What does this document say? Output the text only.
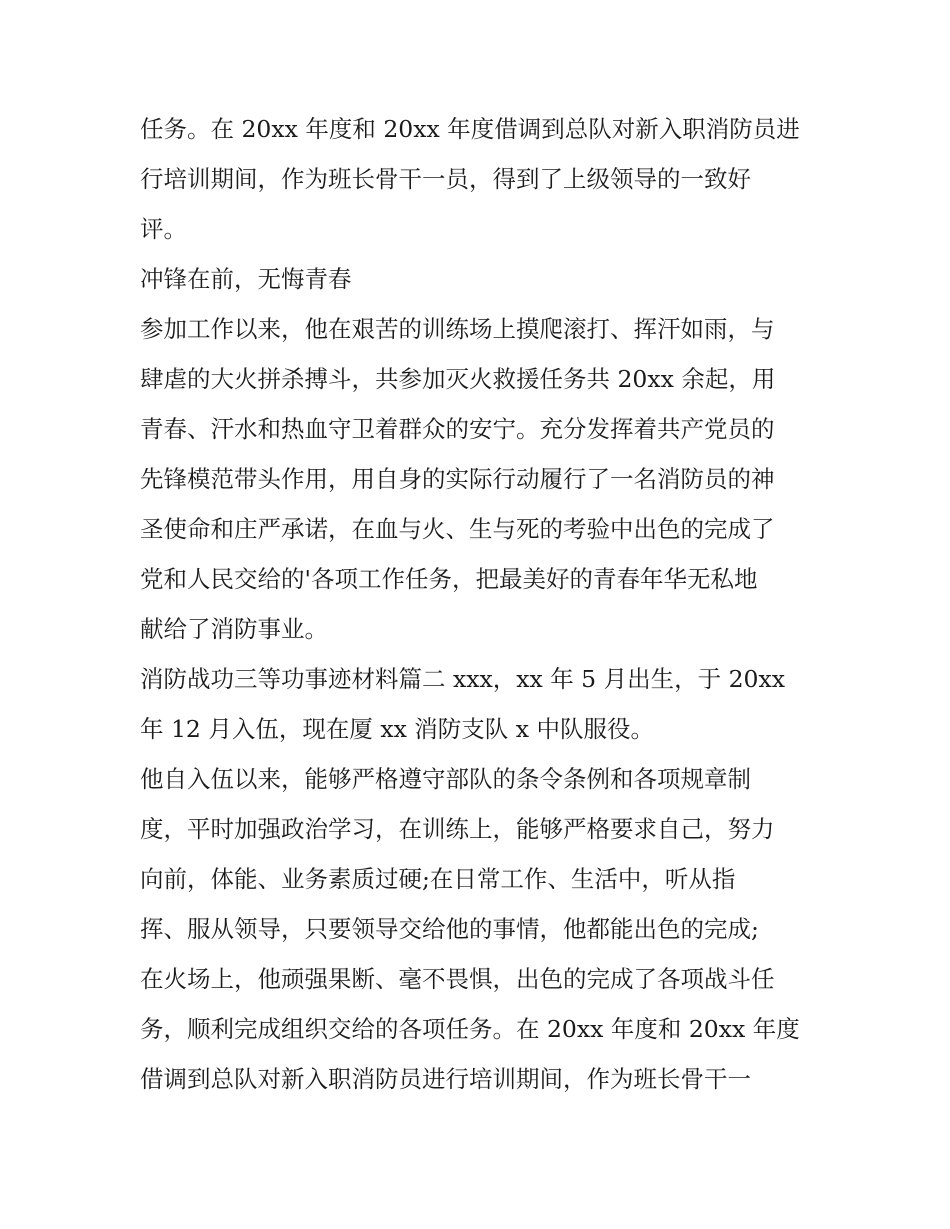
任务。在 20xx 年度和 20xx 年度借调到总队对新入职消防员进
行培训期间，作为班长骨干一员，得到了上级领导的一致好
评。
冲锋在前，无悔青春
参加工作以来，他在艰苦的训练场上摸爬滚打、挥汗如雨，与
肆虐的大火拼杀搏斗，共参加灭火救援任务共 20xx 余起，用
青春、汗水和热血守卫着群众的安宁。充分发挥着共产党员的
先锋模范带头作用，用自身的实际行动履行了一名消防员的神
圣使命和庄严承诺，在血与火、生与死的考验中出色的完成了
党和人民交给的'各项工作任务，把最美好的青春年华无私地
献给了消防事业。
消防战功三等功事迹材料篇二 xxx，xx 年 5 月出生，于 20xx
年 12 月入伍，现在厦 xx 消防支队 x 中队服役。
他自入伍以来，能够严格遵守部队的条令条例和各项规章制
度，平时加强政治学习，在训练上，能够严格要求自己，努力
向前，体能、业务素质过硬;在日常工作、生活中，听从指
挥、服从领导，只要领导交给他的事情，他都能出色的完成;
在火场上，他顽强果断、毫不畏惧，出色的完成了各项战斗任
务，顺利完成组织交给的各项任务。在 20xx 年度和 20xx 年度
借调到总队对新入职消防员进行培训期间，作为班长骨干一
